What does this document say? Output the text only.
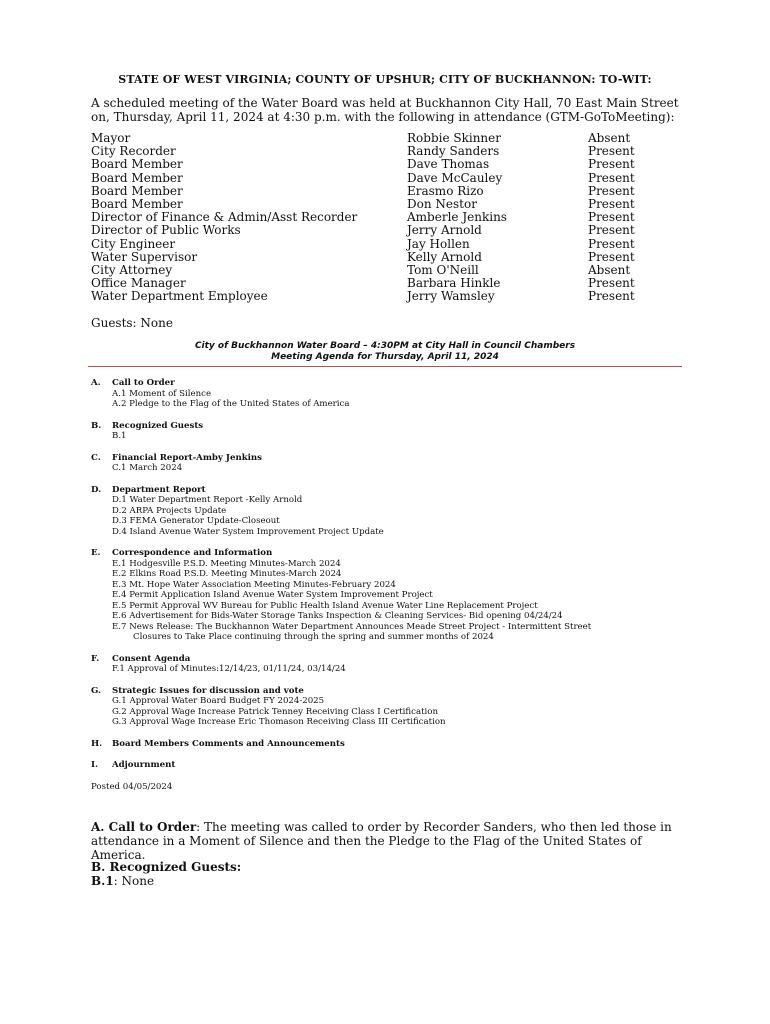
STATE OF WEST VIRGINIA; COUNTY OF UPSHUR; CITY OF BUCKHANNON: TO-WIT:
A scheduled meeting of the Water Board was held at Buckhannon City Hall, 70 East Main Street on, Thursday, April 11, 2024 at 4:30 p.m. with the following in attendance (GTM-GoToMeeting):
Mayor	Robbie Skinner	Absent
City Recorder	Randy Sanders	Present
Board Member	Dave Thomas	Present
Board Member	Dave McCauley	Present
Board Member	Erasmo Rizo	Present
Board Member	Don Nestor	Present
Director of Finance & Admin/Asst Recorder	Amberle Jenkins	Present
Director of Public Works	Jerry Arnold	Present
City Engineer	Jay Hollen	Present
Water Supervisor	Kelly Arnold	Present
City Attorney	Tom O'Neill	Absent
Office Manager	Barbara Hinkle	Present
Water Department Employee	Jerry Wamsley	Present
Guests: None
City of Buckhannon Water Board – 4:30PM at City Hall in Council Chambers
Meeting Agenda for Thursday, April 11, 2024
A. Call to Order
A.1 Moment of Silence
A.2 Pledge to the Flag of the United States of America
B. Recognized Guests
B.1
C. Financial Report-Amby Jenkins
C.1 March 2024
D. Department Report
D.1 Water Department Report -Kelly Arnold
D.2 ARPA Projects Update
D.3 FEMA Generator Update-Closeout
D.4 Island Avenue Water System Improvement Project Update
E. Correspondence and Information
E.1 Hodgesville P.S.D. Meeting Minutes-March 2024
E.2 Elkins Road P.S.D. Meeting Minutes-March 2024
E.3 Mt. Hope Water Association Meeting Minutes-February 2024
E.4 Permit Application Island Avenue Water System Improvement Project
E.5 Permit Approval WV Bureau for Public Health Island Avenue Water Line Replacement Project
E.6 Advertisement for Bids-Water Storage Tanks Inspection & Cleaning Services- Bid opening 04/24/24
E.7 News Release: The Buckhannon Water Department Announces Meade Street Project - Intermittent Street
Closures to Take Place continuing through the spring and summer months of 2024
F. Consent Agenda
F.1 Approval of Minutes:12/14/23, 01/11/24, 03/14/24
G. Strategic Issues for discussion and vote
G.1 Approval Water Board Budget FY 2024-2025
G.2 Approval Wage Increase Patrick Tenney Receiving Class I Certification
G.3 Approval Wage Increase Eric Thomason Receiving Class III Certification
H. Board Members Comments and Announcements
I. Adjournment
Posted 04/05/2024
A. Call to Order: The meeting was called to order by Recorder Sanders, who then led those in attendance in a Moment of Silence and then the Pledge to the Flag of the United States of America.
B. Recognized Guests:
B.1: None
